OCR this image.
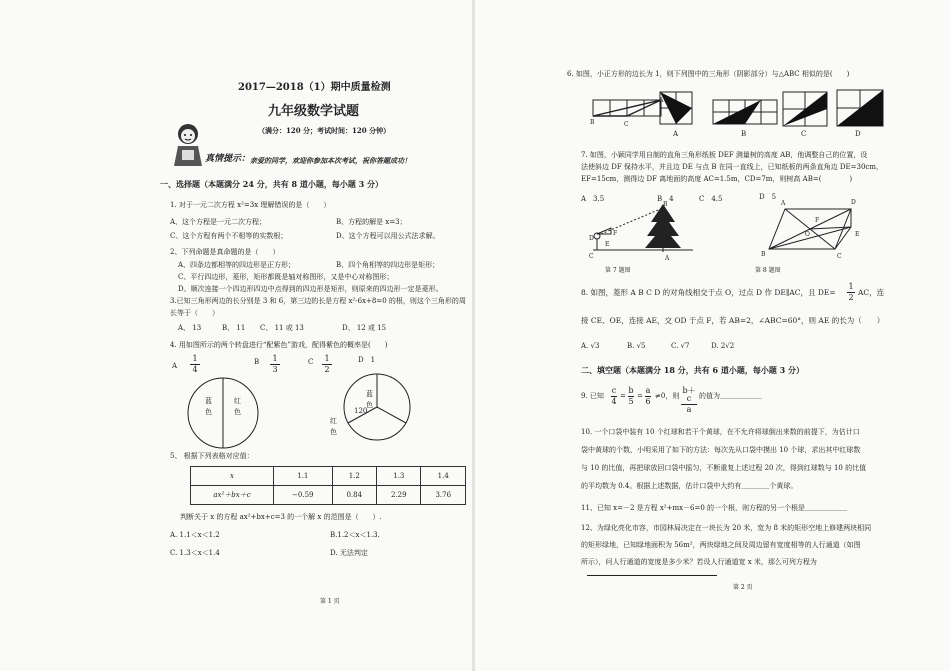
2017—2018（1）期中质量检测
九年级数学试题
（满分：120 分；考试时间：120 分钟）
真情提示： 亲爱的同学，欢迎你参加本次考试，祝你答题成功！
一、选择题（本题满分 24 分，共有 8 道小题，每小题 3 分）
1. 对于一元二次方程 x²=3x 理解错误的是（　　）
A、这个方程是一元二次方程；	B、方程的解是 x=3；
C、这个方程有两个不相等的实数根；	D、这个方程可以用公式法求解。
2、下列命题是真命题的是（　　）
A、四条边都相等的四边形是正方形；	B、四个角相等的四边形是矩形；
C、平行四边形，菱形，矩形都既是轴对称图形，又是中心对称图形；
D、顺次连接一个四边形四边中点得到的四边形是矩形，则原来的四边形一定是菱形。
3.已知三角形两边的长分别是 3 和 6，第三边的长是方程 x²-6x+8=0 的根，则这个三角形的周
长等于（　　）
A、 13	B、 11 C、 11 或 13	D、 12 或 15
4. 用如图所示的两个转盘进行“配紫色”游戏，配得紫色的概率是(　　)
A
1
4
B	1
3
C	1
2
D　1
蓝
色
红
色
蓝
色
120
红
色
5、 根据下列表格对应值：
x	1.1	1.2	1.3	1.4
ax²＋bx＋c	−0.59	0.84	2.29	3.76
判断关于 x 的方程 ax²+bx+c=3 的一个解 x 的范围是（　　）.
A. 1.1＜x＜1.2	B.1.2＜x＜1.3.
C. 1.3＜x＜1.4	D. 无法判定
第 1 页
6. 如图，小正方形的边长为 1，则下列图中的三角形（阴影部分）与△ABC 相似的是(　　)
B	C
A
A	B	C	D
7. 如图，小颖同学用自制的直角三角形纸板 DEF 测量树的高度 AB，他调整自己的位置，设
法使斜边 DF 保持水平，并且边 DE 与点 B 在同一直线上，已知纸板的两条直角边 DE=30cm，
EF=15cm，测得边 DF 离地面的高度 AC=1.5m，CD=7m，则树高 AB=(　　　　)
A　3.5	B　4	C　4.5	D　5
B
D
F
E
C	A
第 7 题图
A	D
F
O
B
E
C
第 8 题图
8. 如图，菱形 A B C D 的对角线相交于点 O，过点 D 作 DE∥AC，且 DE=
1
2
AC，连
接 CE、OE，连接 AE，交 OD 于点 F，若 AB=2，∠ABC=60°，则 AE 的长为（　　）
A. √3	B. √5	C. √7	D. 2√2
二、填空题（本题满分 18 分，共有 6 道小题，每小题 3 分）
9. 已知
c
4
=
b
5
=
a
6
≠0，则
b＋c
a
的值为＿＿＿＿＿＿
10. 一个口袋中装有 10 个红球和若干个黄球，在不允许将球倒出来数的前提下，为估计口
袋中黄球的个数，小明采用了如下的方法：每次先从口袋中摸出 10 个球，求出其中红球数
与 10 的比值，再把球放回口袋中摇匀，不断重复上述过程 20 次，得到红球数与 10 的比值
的平均数为 0.4。根据上述数据，估计口袋中大约有＿＿＿＿个黄球。
11、已知 x=－2 是方程 x²+mx－6=0 的一个根，则方程的另一个根是＿＿＿＿＿＿
12、为绿化亮化市容，市园林局决定在一块长为 20 米，宽为 8 米的矩形空地上修建两块相同
的矩形绿地，已知绿地面积为 56m²，两块绿地之间及周边留有宽度相等的人行通道（如图
所示），问人行通道的宽度是多少米？若设人行通道宽 x 米，那么可列方程为
第 2 页
